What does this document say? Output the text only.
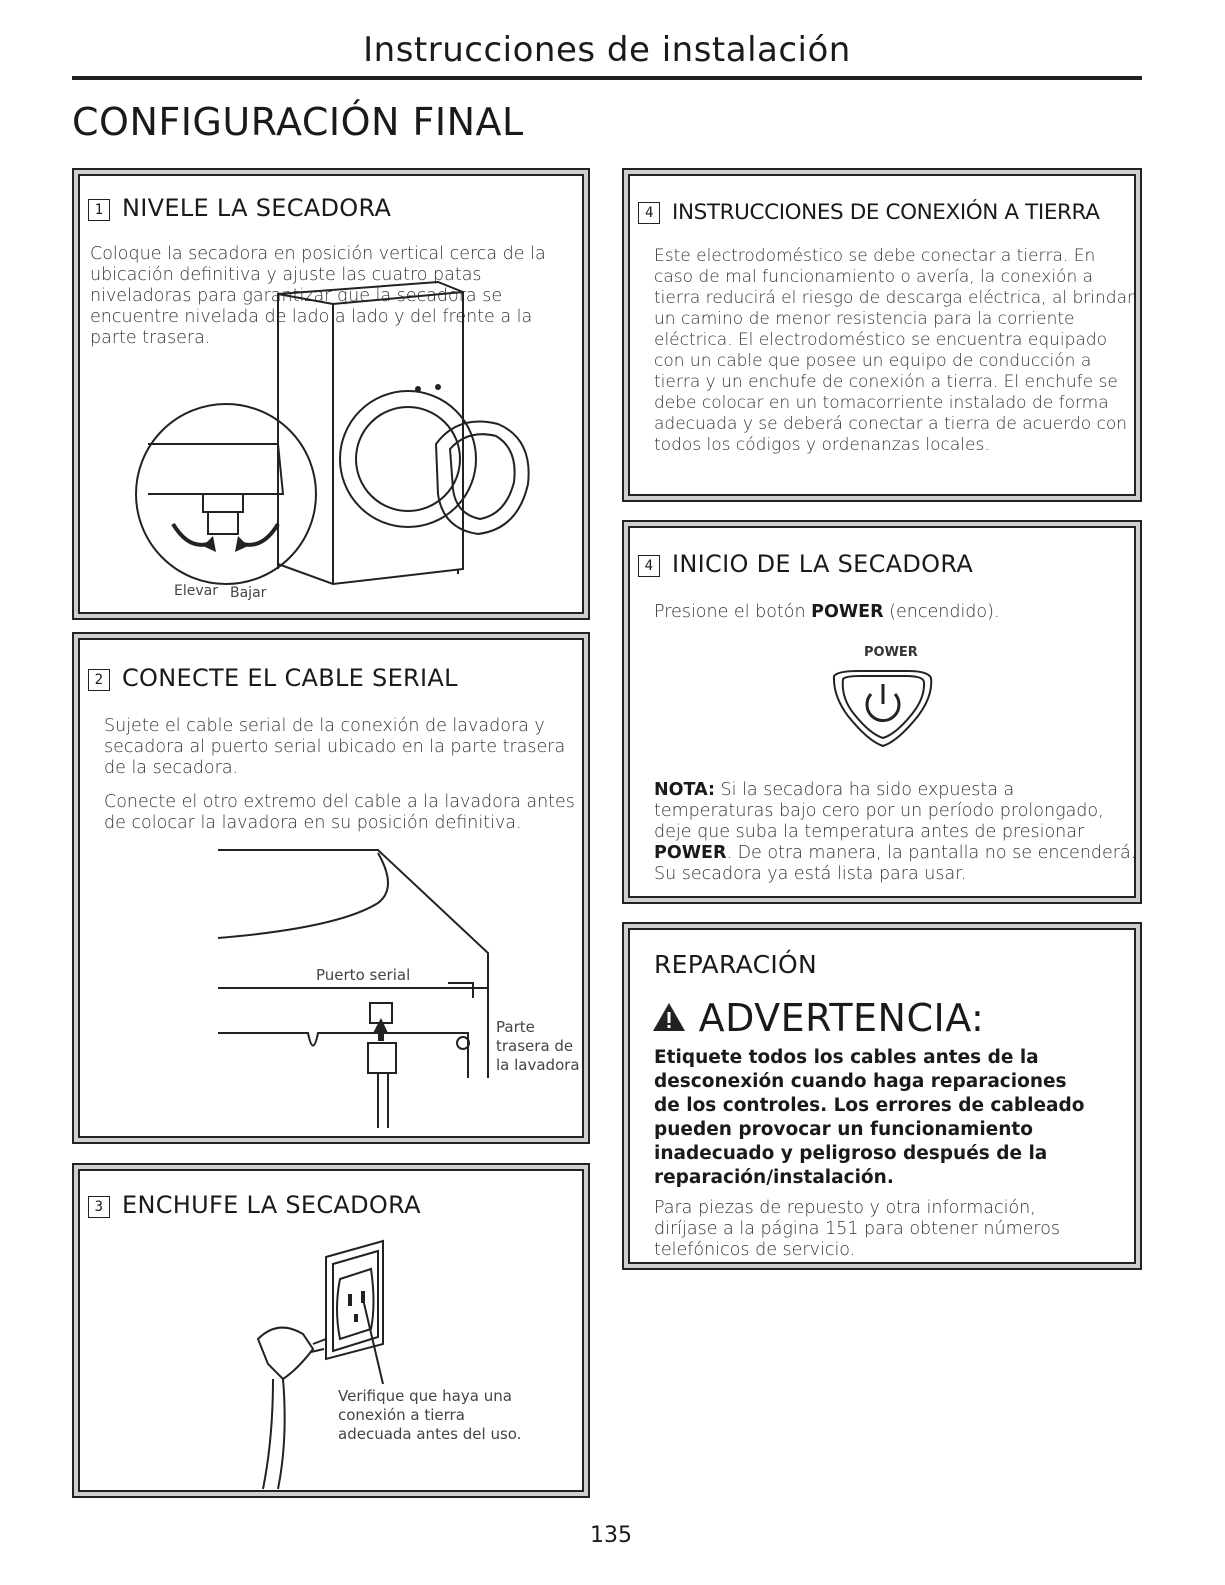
Instrucciones de instalación
CONFIGURACIÓN FINAL
1 NIVELE LA SECADORA
Coloque la secadora en posición vertical cerca de la ubicación definitiva y ajuste las cuatro patas niveladoras para garantizar que la secadora se encuentre nivelada de lado a lado y del frente a la parte trasera.
Elevar Bajar
2 CONECTE EL CABLE SERIAL
Sujete el cable serial de la conexión de lavadora y secadora al puerto serial ubicado en la parte trasera de la secadora.
Conecte el otro extremo del cable a la lavadora antes de colocar la lavadora en su posición definitiva.
Puerto serial
Parte trasera de la lavadora
3 ENCHUFE LA SECADORA
Verifique que haya una conexión a tierra adecuada antes del uso.
4 INSTRUCCIONES DE CONEXIÓN A TIERRA
Este electrodoméstico se debe conectar a tierra. En caso de mal funcionamiento o avería, la conexión a tierra reducirá el riesgo de descarga eléctrica, al brindar un camino de menor resistencia para la corriente eléctrica. El electrodoméstico se encuentra equipado con un cable que posee un equipo de conducción a tierra y un enchufe de conexión a tierra. El enchufe se debe colocar en un tomacorriente instalado de forma adecuada y se deberá conectar a tierra de acuerdo con todos los códigos y ordenanzas locales.
4 INICIO DE LA SECADORA
Presione el botón POWER (encendido).
POWER
NOTA: Si la secadora ha sido expuesta a temperaturas bajo cero por un período prolongado, deje que suba la temperatura antes de presionar POWER. De otra manera, la pantalla no se encenderá.
Su secadora ya está lista para usar.
REPARACIÓN
ADVERTENCIA:
Etiquete todos los cables antes de la desconexión cuando haga reparaciones de los controles. Los errores de cableado pueden provocar un funcionamiento inadecuado y peligroso después de la reparación/instalación.
Para piezas de repuesto y otra información, diríjase a la página 151 para obtener números telefónicos de servicio.
135
